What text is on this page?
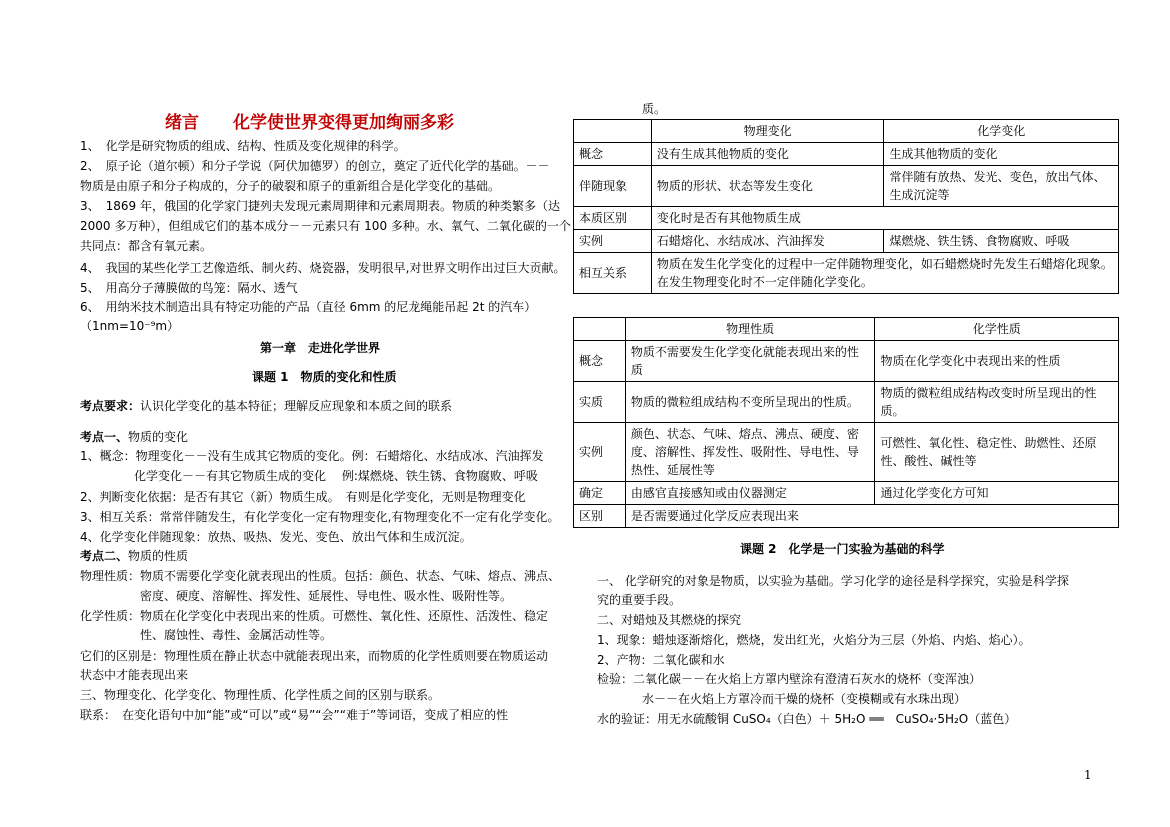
绪言　　化学使世界变得更加绚丽多彩
1、　化学是研究物质的组成、结构、性质及变化规律的科学。
2、　原子论（道尔顿）和分子学说（阿伏加德罗）的创立，奠定了近代化学的基础。－－
物质是由原子和分子构成的，分子的破裂和原子的重新组合是化学变化的基础。
3、　1869 年，俄国的化学家门捷列夫发现元素周期律和元素周期表。物质的种类繁多（达
2000 多万种），但组成它们的基本成分－－元素只有 100 多种。水、氧气、二氧化碳的一个
共同点：都含有氧元素。
4、　我国的某些化学工艺像造纸、制火药、烧瓷器，发明很早,对世界文明作出过巨大贡献。
5、　用高分子薄膜做的鸟笼：隔水、透气
6、　用纳米技术制造出具有特定功能的产品（直径 6mm 的尼龙绳能吊起 2t 的汽车）
（1nm=10⁻⁹m）
第一章　走进化学世界
课题 1　物质的变化和性质
考点要求：认识化学变化的基本特征；理解反应现象和本质之间的联系
考点一、物质的变化
1、概念：物理变化－－没有生成其它物质的变化。例：石蜡熔化、水结成冰、汽油挥发
化学变化－－有其它物质生成的变化　 例:煤燃烧、铁生锈、食物腐败、呼吸
2、判断变化依据：是否有其它（新）物质生成。　有则是化学变化，无则是物理变化
3、相互关系：常常伴随发生，有化学变化一定有物理变化,有物理变化不一定有化学变化。
4、化学变化伴随现象：放热、吸热、发光、变色、放出气体和生成沉淀。
考点二、物质的性质
物理性质：物质不需要化学变化就表现出的性质。包括：颜色、状态、气味、熔点、沸点、
密度、硬度、溶解性、挥发性、延展性、导电性、吸水性、吸附性等。
化学性质：物质在化学变化中表现出来的性质。可燃性、氧化性、还原性、活泼性、稳定
性、腐蚀性、毒性、金属活动性等。
它们的区别是：物理性质在静止状态中就能表现出来，而物质的化学性质则要在物质运动
状态中才能表现出来
三、物理变化、化学变化、物理性质、化学性质之间的区别与联系。
联系：　在变化语句中加“能”或“可以”或“易”“会”“难于”等词语，变成了相应的性
质。
	物理变化	化学变化
概念	没有生成其他物质的变化	生成其他物质的变化
伴随现象	物质的形状、状态等发生变化	常伴随有放热、发光、变色，放出气体、生成沉淀等
本质区别	变化时是否有其他物质生成	
实例	石蜡熔化、水结成冰、汽油挥发	煤燃烧、铁生锈、食物腐败、呼吸
相互关系	物质在发生化学变化的过程中一定伴随物理变化，如石蜡燃烧时先发生石蜡熔化现象。在发生物理变化时不一定伴随化学变化。	
	物理性质	化学性质
概念	物质不需要发生化学变化就能表现出来的性质	物质在化学变化中表现出来的性质
实质	物质的微粒组成结构不变所呈现出的性质。	物质的微粒组成结构改变时所呈现出的性质。
实例	颜色、状态、气味、熔点、沸点、硬度、密度、溶解性、挥发性、吸附性、导电性、导热性、延展性等	可燃性、氧化性、稳定性、助燃性、还原性、酸性、碱性等
确定	由感官直接感知或由仪器测定	通过化学变化方可知
区别	是否需要通过化学反应表现出来	
课题 2　化学是一门实验为基础的科学
一、 化学研究的对象是物质，以实验为基础。学习化学的途径是科学探究，实验是科学探
究的重要手段。
二、对蜡烛及其燃烧的探究
1、现象：蜡烛逐渐熔化，燃烧，发出红光，火焰分为三层（外焰、内焰、焰心）。
2、产物：二氧化碳和水
检验：二氧化碳－－在火焰上方罩内壁涂有澄清石灰水的烧杯（变浑浊）
水－－在火焰上方罩冷而干燥的烧杯（变模糊或有水珠出现）
水的验证：用无水硫酸铜 CuSO₄（白色）＋ 5H₂O ══　CuSO₄·5H₂O（蓝色）
1
